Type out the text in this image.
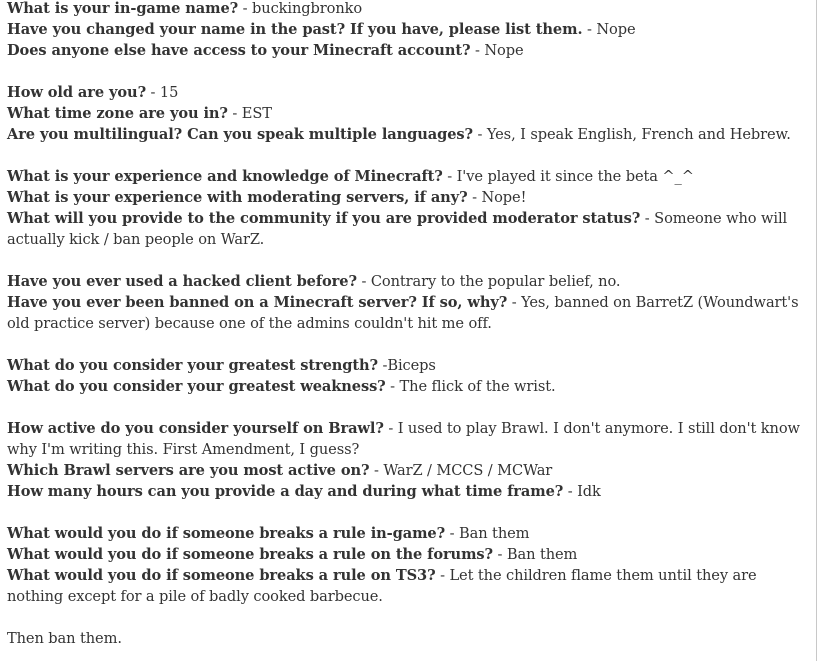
What is your in-game name? - buckingbronko

Have you changed your name in the past? If you have, please list them. - Nope

Does anyone else have access to your Minecraft account? - Nope

How old are you? - 15

What time zone are you in? - EST

Are you multilingual? Can you speak multiple languages? - Yes, I speak English, French and Hebrew.

What is your experience and knowledge of Minecraft? - I've played it since the beta ^_^

What is your experience with moderating servers, if any? - Nope!

What will you provide to the community if you are provided moderator status? - Someone who will actually kick / ban people on WarZ.

Have you ever used a hacked client before? - Contrary to the popular belief, no.

Have you ever been banned on a Minecraft server? If so, why? - Yes, banned on BarretZ (Woundwart's old practice server) because one of the admins couldn't hit me off.

What do you consider your greatest strength? -Biceps

What do you consider your greatest weakness? - The flick of the wrist.

How active do you consider yourself on Brawl? - I used to play Brawl. I don't anymore. I still don't know why I'm writing this. First Amendment, I guess?

Which Brawl servers are you most active on? - WarZ / MCCS / MCWar

How many hours can you provide a day and during what time frame? - Idk

What would you do if someone breaks a rule in-game? - Ban them

What would you do if someone breaks a rule on the forums? - Ban them

What would you do if someone breaks a rule on TS3? - Let the children flame them until they are nothing except for a pile of badly cooked barbecue.

Then ban them.
